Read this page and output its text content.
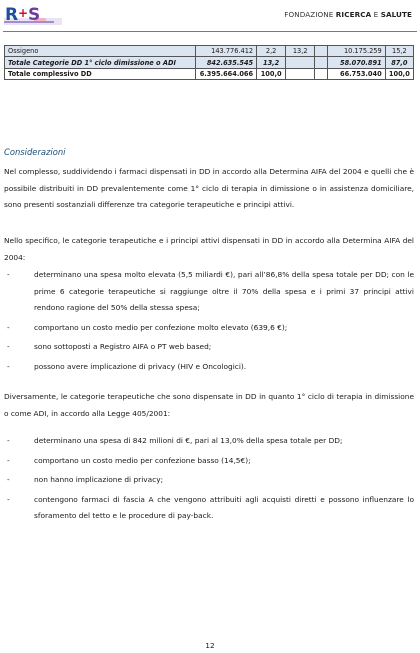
R + S	FONDAZIONE RICERCA E SALUTE
Ossigeno	143.776.412	2,2	13,2		10.175.259	15,2
Totale Categorie DD 1° ciclo dimissione o ADI	842.635.545	13,2			58.070.891	87,0
Totale complessivo DD	6.395.664.066	100,0			66.753.040	100,0
Considerazioni

Nel complesso, suddividendo i farmaci dispensati in DD in accordo alla Determina AIFA del 2004 e quelli che è possibile distribuiti in DD prevalentemente come 1° ciclo di terapia in dimissione o in assistenza domiciliare, sono presenti sostanziali differenze tra categorie terapeutiche e principi attivi.

Nello specifico, le categorie terapeutiche e i principi attivi dispensati in DD in accordo alla Determina AIFA del 2004:

-	determinano una spesa molto elevata (5,5 miliardi €), pari all’86,8% della spesa totale per DD; con le prime 6 categorie terapeutiche si raggiunge oltre il 70% della spesa e i primi 37 principi attivi rendono ragione del 50% della stessa spesa;
-	comportano un costo medio per confezione molto elevato (639,6 €);
-	sono sottoposti a Registro AIFA o PT web based;
-	possono avere implicazione di privacy (HIV e Oncologici).

Diversamente, le categorie terapeutiche che sono dispensate in DD in quanto 1° ciclo di terapia in dimissione o come ADI, in accordo alla Legge 405/2001:

-	determinano una spesa di 842 milioni di €, pari al 13,0% della spesa totale per DD;
-	comportano un costo medio per confezione basso (14,5€);
-	non hanno implicazione di privacy;
-	contengono farmaci di fascia A che vengono attribuiti agli acquisti diretti e possono influenzare lo sforamento del tetto e le procedure di pay-back.
12
